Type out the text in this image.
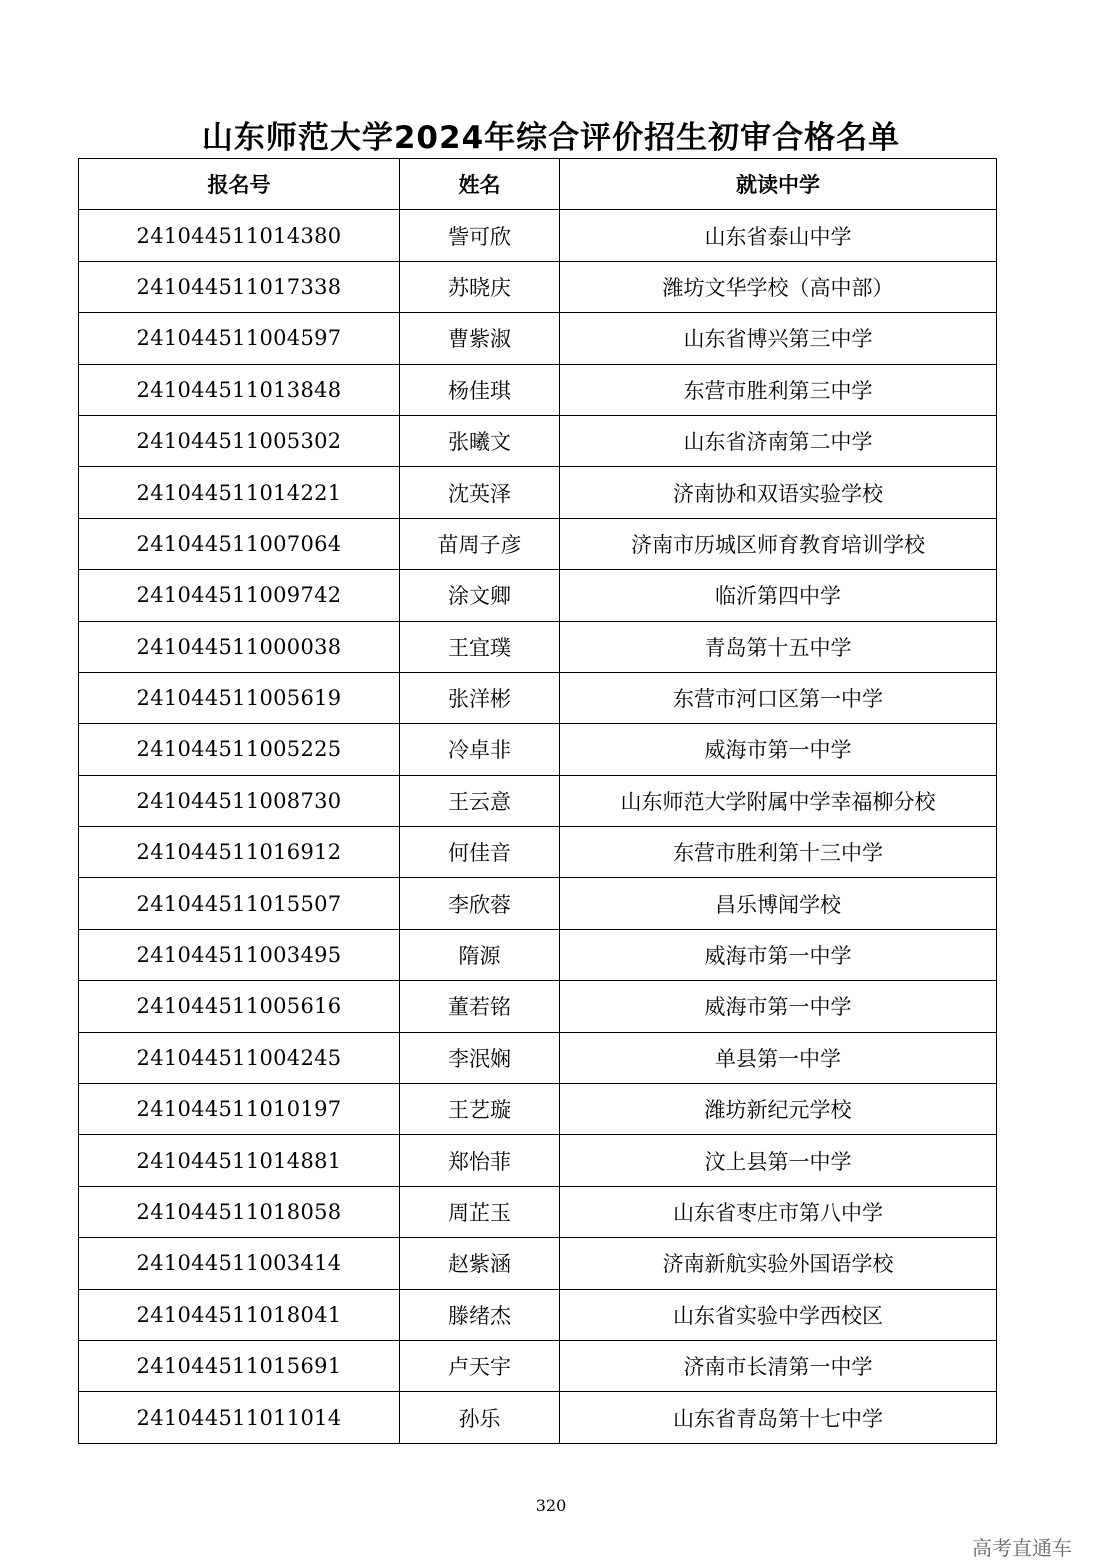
山东师范大学2024年综合评价招生初审合格名单
报名号	姓名	就读中学
241044511014380	訾可欣	山东省泰山中学
241044511017338	苏晓庆	潍坊文华学校（高中部）
241044511004597	曹紫淑	山东省博兴第三中学
241044511013848	杨佳琪	东营市胜利第三中学
241044511005302	张曦文	山东省济南第二中学
241044511014221	沈英泽	济南协和双语实验学校
241044511007064	苗周子彦	济南市历城区师育教育培训学校
241044511009742	涂文卿	临沂第四中学
241044511000038	王宜璞	青岛第十五中学
241044511005619	张洋彬	东营市河口区第一中学
241044511005225	冷卓非	威海市第一中学
241044511008730	王云意	山东师范大学附属中学幸福柳分校
241044511016912	何佳音	东营市胜利第十三中学
241044511015507	李欣蓉	昌乐博闻学校
241044511003495	隋源	威海市第一中学
241044511005616	董若铭	威海市第一中学
241044511004245	李泯娴	单县第一中学
241044511010197	王艺璇	潍坊新纪元学校
241044511014881	郑怡菲	汶上县第一中学
241044511018058	周芷玉	山东省枣庄市第八中学
241044511003414	赵紫涵	济南新航实验外国语学校
241044511018041	滕绪杰	山东省实验中学西校区
241044511015691	卢天宇	济南市长清第一中学
241044511011014	孙乐	山东省青岛第十七中学
320
高考直通车
